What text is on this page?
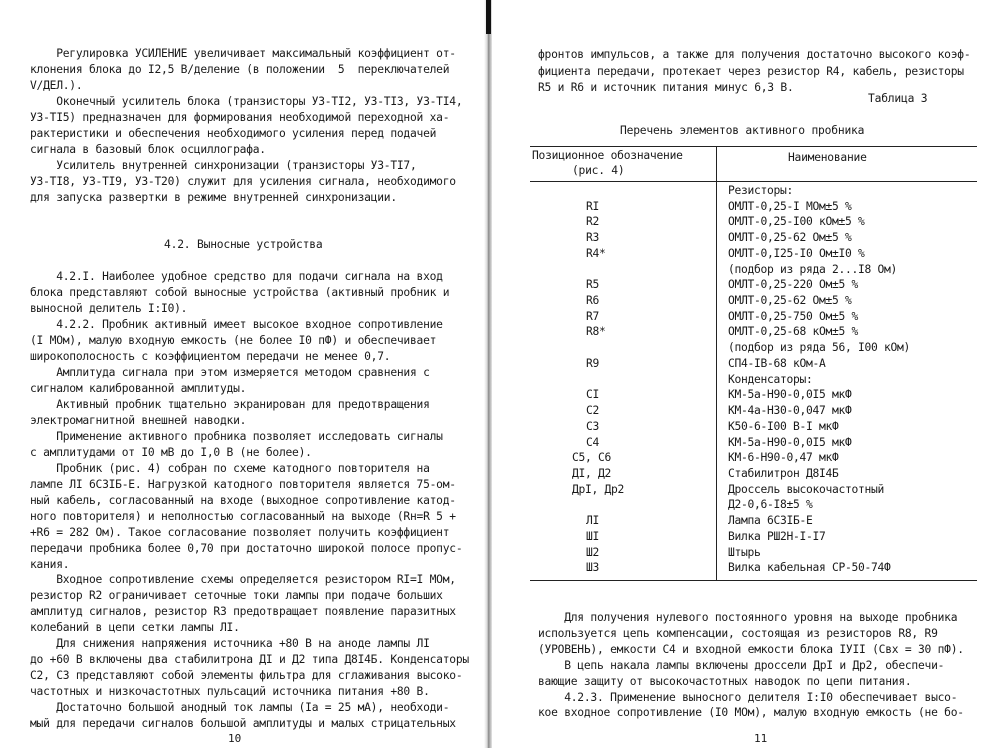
Регулировка УСИЛЕНИЕ увеличивает максимальный коэффициент от-
клонения блока до I2,5 В/деление (в положении  5  переключателей
V/ДЕЛ.).
Оконечный усилитель блока (транзисторы У3-ТI2, У3-ТI3, У3-ТI4,
У3-ТI5) предназначен для формирования необходимой переходной ха-
рактеристики и обеспечения необходимого усиления перед подачей
сигнала в базовый блок осциллографа.
Усилитель внутренней синхронизации (транзисторы У3-ТI7,
У3-ТI8, У3-ТI9, У3-Т20) служит для усиления сигнала, необходимого
для запуска развертки в режиме внутренней синхронизации.

4.2.I. Наиболее удобное средство для подачи сигнала на вход
блока представляют собой выносные устройства (активный пробник и
выносной делитель I:I0).
4.2.2. Пробник активный имеет высокое входное сопротивление
(I МОм), малую входную емкость (не более I0 пФ) и обеспечивает
широкополосность с коэффициентом передачи не менее 0,7.
Амплитуда сигнала при этом измеряется методом сравнения с
сигналом калиброванной амплитуды.
Активный пробник тщательно экранирован для предотвращения
электромагнитной внешней наводки.
Применение активного пробника позволяет исследовать сигналы
с амплитудами от I0 мВ до I,0 В (не более).
Пробник (рис. 4) собран по схеме катодного повторителя на
лампе ЛI 6С3IБ-Е. Нагрузкой катодного повторителя является 75-ом-
ный кабель, согласованный на входе (выходное сопротивление катод-
ного повторителя) и неполностью согласованный на выходе (Rн=R 5 +
+R6 = 282 Ом). Такое согласование позволяет получить коэффициент
передачи пробника более 0,70 при достаточно широкой полосе пропус-
кания.
Входное сопротивление схемы определяется резистором RI=I МОм,
резистор R2 ограничивает сеточные токи лампы при подаче больших
амплитуд сигналов, резистор R3 предотвращает появление паразитных
колебаний в цепи сетки лампы ЛI.
Для снижения напряжения источника +80 В на аноде лампы ЛI
до +60 В включены два стабилитрона ДI и Д2 типа Д8I4Б. Конденсаторы
С2, С3 представляют собой элементы фильтра для сглаживания высоко-
частотных и низкочастотных пульсаций источника питания +80 В.
Достаточно большой анодный ток лампы (Iа = 25 мА), необходи-
мый для передачи сигналов большой амплитуды и малых стрицательных
4.2. Выносные устройства
10
фронтов импульсов, а также для получения достаточно высокого коэф-
фициента передачи, протекает через резистор R4, кабель, резисторы
R5 и R6 и источник питания минус 6,3 В.
Таблица 3
Перечень элементов активного пробника
Позиционное обозначение
(рис. 4)
Наименование
Резисторы:
RI	ОМЛТ-0,25-I МОм±5 %
R2	ОМЛТ-0,25-I00 кОм±5 %
R3	ОМЛТ-0,25-62 Ом±5 %
R4*	ОМЛТ-0,I25-I0 Ом±I0 %
(подбор из ряда 2...I8 Ом)
R5	ОМЛТ-0,25-220 Ом±5 %
R6	ОМЛТ-0,25-62 Ом±5 %
R7	ОМЛТ-0,25-750 Ом±5 %
R8*	ОМЛТ-0,25-68 кОм±5 %
(подбор из ряда 56, I00 кОм)
R9	СП4-IВ-68 кОм-А
Конденсаторы:
СI	КМ-5а-Н90-0,0I5 мкФ
С2	КМ-4а-Н30-0,047 мкФ
С3	К50-6-I00 В-I мкФ
С4	КМ-5а-Н90-0,0I5 мкФ
С5, С6	КМ-6-Н90-0,47 мкФ
ДI, Д2	Стабилитрон Д8I4Б
ДрI, Др2	Дроссель высокочастотный
Д2-0,6-I8±5 %
ЛI	Лампа 6С3IБ-Е
ШI	Вилка РШ2Н-I-I7
Ш2	Штырь
Ш3	Вилка кабельная СР-50-74Ф
Для получения нулевого постоянного уровня на выходе пробника
используется цепь компенсации, состоящая из резисторов R8, R9
(УРОВЕНЬ), емкости С4 и входной емкости блока IУII (Свх = 30 пФ).
В цепь накала лампы включены дроссели ДрI и Др2, обеспечи-
вающие защиту от высокочастотных наводок по цепи питания.
4.2.3. Применение выносного делителя I:I0 обеспечивает высо-
кое входное сопротивление (I0 МОм), малую входную емкость (не бо-
11
